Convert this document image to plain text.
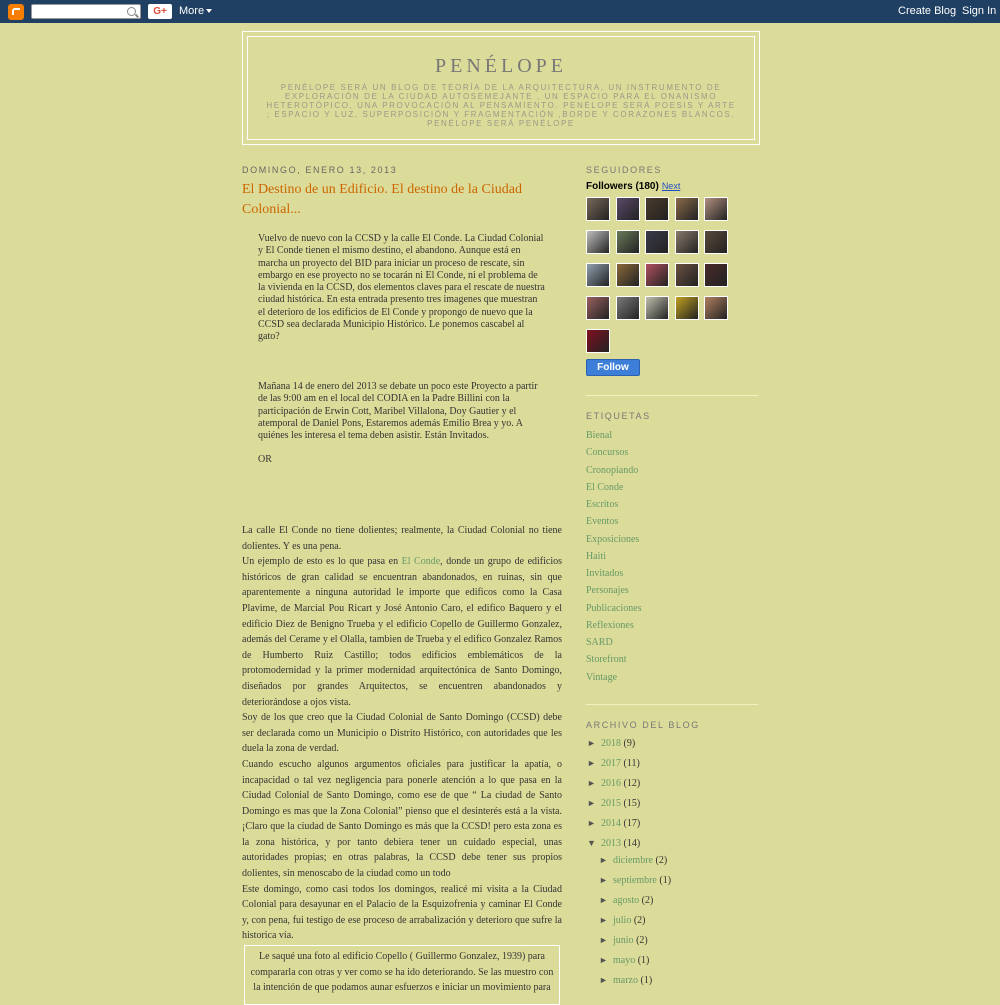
G+	More	Create Blog Sign In
PENÉLOPE
PENÉLOPE SERÁ UN BLOG DE TEORÍA DE LA ARQUITECTURA, UN INSTRUMENTO DE EXPLORACIÓN DE LA CIUDAD AUTOSEMEJANTE , UN ESPACIO PARA EL ONANISMO HETEROTÓPICO, UNA PROVOCACIÓN AL PENSAMIENTO. PENÉLOPE SERÁ POESIS Y ARTE ; ESPACIO Y LUZ, SUPERPOSICIÓN Y FRAGMENTACIÓN ,BORDE Y CORAZONES BLANCOS. PENÉLOPE SERÁ PENÉLOPE
DOMINGO, ENERO 13, 2013
El Destino de un Edificio. El destino de la Ciudad Colonial...
Vuelvo de nuevo con la CCSD y la calle El Conde. La Ciudad Colonial y El Conde tienen el mismo destino, el abandono. Aunque está en marcha un proyecto del BID para iniciar un proceso de rescate, sin embargo en ese proyecto no se tocarán ni El Conde, ni el problema de la vivienda en la CCSD, dos elementos claves para el rescate de nuestra ciudad histórica. En esta entrada presento tres imagenes que muestran el deterioro de los edificios de El Conde y propongo de nuevo que la CCSD sea declarada Municipio Histórico. Le ponemos cascabel al gato?
Mañana 14 de enero del 2013 se debate un poco este Proyecto a partir de las 9:00 am en el local del CODIA en la Padre Billini con la participación de Erwin Cott, Maribel Villalona, Doy Gautier y el atemporal de Daniel Pons, Estaremos además Emilio Brea y yo. A quiénes les interesa el tema deben asistir. Están Invitados.
OR

La calle El Conde no tiene dolientes; realmente, la Ciudad Colonial no tiene dolientes. Y es una pena.

Un ejemplo de esto es lo que pasa en El Conde, donde un grupo de edificios históricos de gran calidad se encuentran abandonados, en ruinas, sin que aparentemente a ninguna autoridad le importe que edificos como la Casa Plavime, de Marcial Pou Ricart y José Antonio Caro, el edifico Baquero y el edificio Diez de Benigno Trueba y el edificio Copello de Guillermo Gonzalez, además del Cerame y el Olalla, tambien de Trueba y el edifico Gonzalez Ramos de Humberto Ruiz Castillo; todos edificios emblemáticos de la protomodernidad y la primer modernidad arquitectónica de Santo Domingo, diseñados por grandes Arquitectos, se encuentren abandonados y deteriorándose a ojos vista.

Soy de los que creo que la Ciudad Colonial de Santo Domingo (CCSD) debe ser declarada como un Municipio o Distrito Histórico, con autoridades que les duela la zona de verdad.

Cuando escucho algunos argumentos oficiales para justificar la apatía, o incapacidad o tal vez negligencia para ponerle atención a lo que pasa en la Ciudad Colonial de Santo Domingo, como ese de que “ La ciudad de Santo Domingo es mas que la Zona Colonial” pienso que el desinterés está a la vista. ¡Claro que la ciudad de Santo Domingo es más que la CCSD! pero esta zona es la zona histórica, y por tanto debiera tener un cuidado especial, unas autoridades propias; en otras palabras, la CCSD debe tener sus propios dolientes, sin menoscabo de la ciudad como un todo

Este domingo, como casi todos los domingos, realicé mi visita a la Ciudad Colonial para desayunar en el Palacio de la Esquizofrenia y caminar El Conde y, con pena, fui testigo de ese proceso de arrabalización y deterioro que sufre la historica vía.

Le saqué una foto al edificio Copello ( Guillermo Gonzalez, 1939) para compararla con otras y ver como se ha ido deteriorando. Se las muestro con la intención de que podamos aunar esfuerzos e iniciar un movimiento para
SEGUIDORES
Followers (180) Next
Follow
ETIQUETAS
Bienal
Concursos
Cronopiando
El Conde
Escritos
Eventos
Exposiciones
Haiti
Invitados
Personajes
Publicaciones
Reflexiones
SARD
Storefront
Vintage
ARCHIVO DEL BLOG
► 2018 (9)
► 2017 (11)
► 2016 (12)
► 2015 (15)
► 2014 (17)
▼ 2013 (14)
► diciembre (2)
► septiembre (1)
► agosto (2)
► julio (2)
► junio (2)
► mayo (1)
► marzo (1)
